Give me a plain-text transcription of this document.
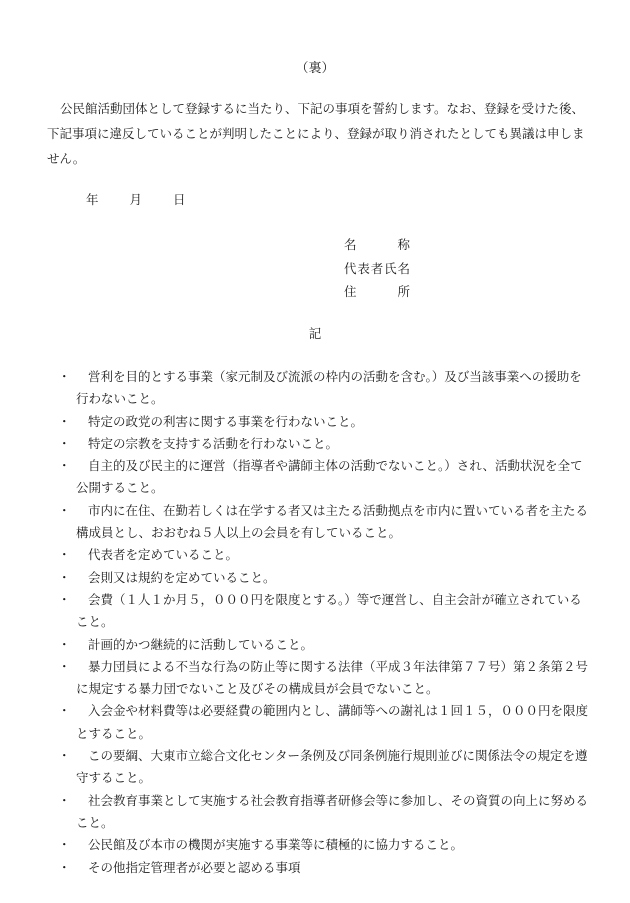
（裏）
公民館活動団体として登録するに当たり、下記の事項を誓約します。なお、登録を受けた後、下記事項に違反していることが判明したことにより、登録が取り消されたとしても異議は申しません。
年 月 日
名称
代表者氏名
住所
記
・	営利を目的とする事業（家元制及び流派の枠内の活動を含む。）及び当該事業への援助を行わないこと。
・	特定の政党の利害に関する事業を行わないこと。
・	特定の宗教を支持する活動を行わないこと。
・	自主的及び民主的に運営（指導者や講師主体の活動でないこと。）され、活動状況を全て公開すること。
・	市内に在住、在勤若しくは在学する者又は主たる活動拠点を市内に置いている者を主たる構成員とし、おおむね５人以上の会員を有していること。
・	代表者を定めていること。
・	会則又は規約を定めていること。
・	会費（１人１か月５，０００円を限度とする。）等で運営し、自主会計が確立されていること。
・	計画的かつ継続的に活動していること。
・	暴力団員による不当な行為の防止等に関する法律（平成３年法律第７７号）第２条第２号に規定する暴力団でないこと及びその構成員が会員でないこと。
・	入会金や材料費等は必要経費の範囲内とし、講師等への謝礼は１回１５，０００円を限度とすること。
・	この要綱、大東市立総合文化センター条例及び同条例施行規則並びに関係法令の規定を遵守すること。
・	社会教育事業として実施する社会教育指導者研修会等に参加し、その資質の向上に努めること。
・	公民館及び本市の機関が実施する事業等に積極的に協力すること。
・	その他指定管理者が必要と認める事項
